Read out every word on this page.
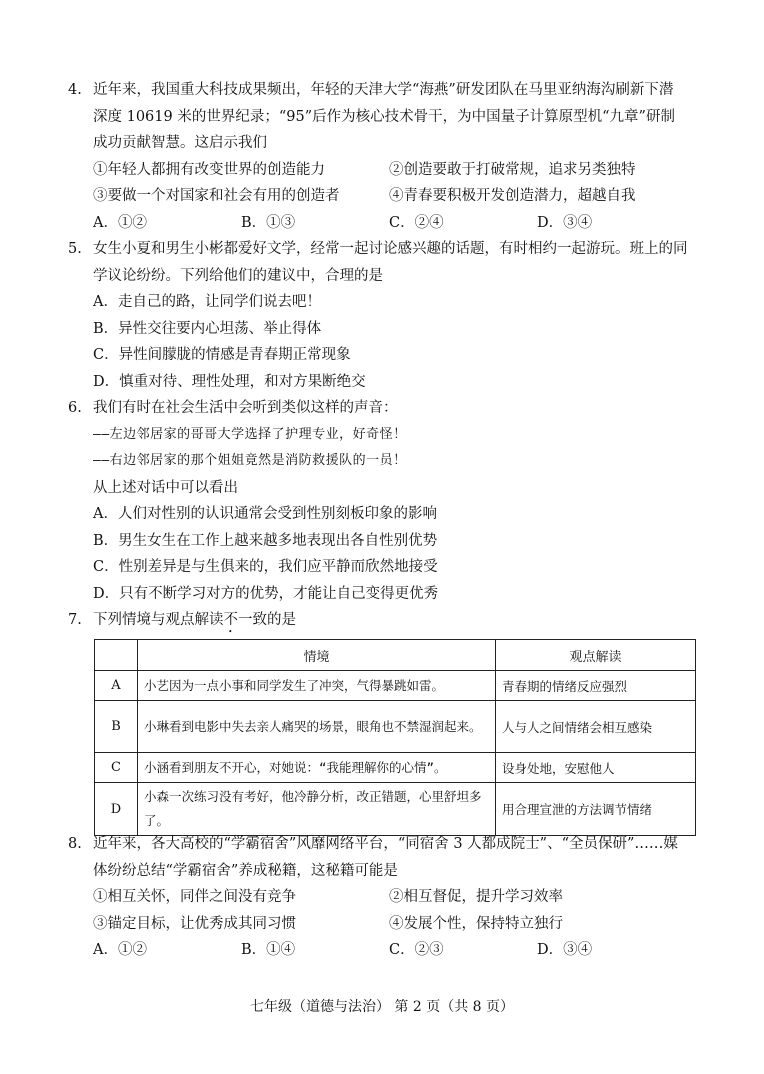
4. 近年来，我国重大科技成果频出，年轻的天津大学“海燕”研发团队在马里亚纳海沟刷新下潜
深度 10619 米的世界纪录；“95”后作为核心技术骨干，为中国量子计算原型机“九章”研制
成功贡献智慧。这启示我们
①年轻人都拥有改变世界的创造能力	②创造要敢于打破常规，追求另类独特
③要做一个对国家和社会有用的创造者	④青春要积极开发创造潜力，超越自我
A．①②	B．①③	C．②④	D．③④
5. 女生小夏和男生小彬都爱好文学，经常一起讨论感兴趣的话题，有时相约一起游玩。班上的同
学议论纷纷。下列给他们的建议中，合理的是
A．走自己的路，让同学们说去吧！
B．异性交往要内心坦荡、举止得体
C．异性间朦胧的情感是青春期正常现象
D．慎重对待、理性处理，和对方果断绝交
6. 我们有时在社会生活中会听到类似这样的声音：
——左边邻居家的哥哥大学选择了护理专业，好奇怪！
——右边邻居家的那个姐姐竟然是消防救援队的一员！
从上述对话中可以看出
A．人们对性别的认识通常会受到性别刻板印象的影响
B．男生女生在工作上越来越多地表现出各自性别优势
C．性别差异是与生俱来的，我们应平静而欣然地接受
D．只有不断学习对方的优势，才能让自己变得更优秀
7. 下列情境与观点解读不一致的是
	情境	观点解读
A	小艺因为一点小事和同学发生了冲突，气得暴跳如雷。	青春期的情绪反应强烈
B	小琳看到电影中失去亲人痛哭的场景，眼角也不禁湿润起来。	人与人之间情绪会相互感染
C	小涵看到朋友不开心，对她说：“我能理解你的心情”。	设身处地，安慰他人
D	小森一次练习没有考好，他冷静分析，改正错题，心里舒坦多了。	用合理宣泄的方法调节情绪
8. 近年来，各大高校的“学霸宿舍”风靡网络平台，“同宿舍 3 人都成院士”、“全员保研”……媒
体纷纷总结“学霸宿舍”养成秘籍，这秘籍可能是
①相互关怀，同伴之间没有竞争	②相互督促，提升学习效率
③锚定目标，让优秀成其同习惯	④发展个性，保持特立独行
A．①②	B．①④	C．②③	D．③④
七年级（道德与法治） 第 2 页（共 8 页）
